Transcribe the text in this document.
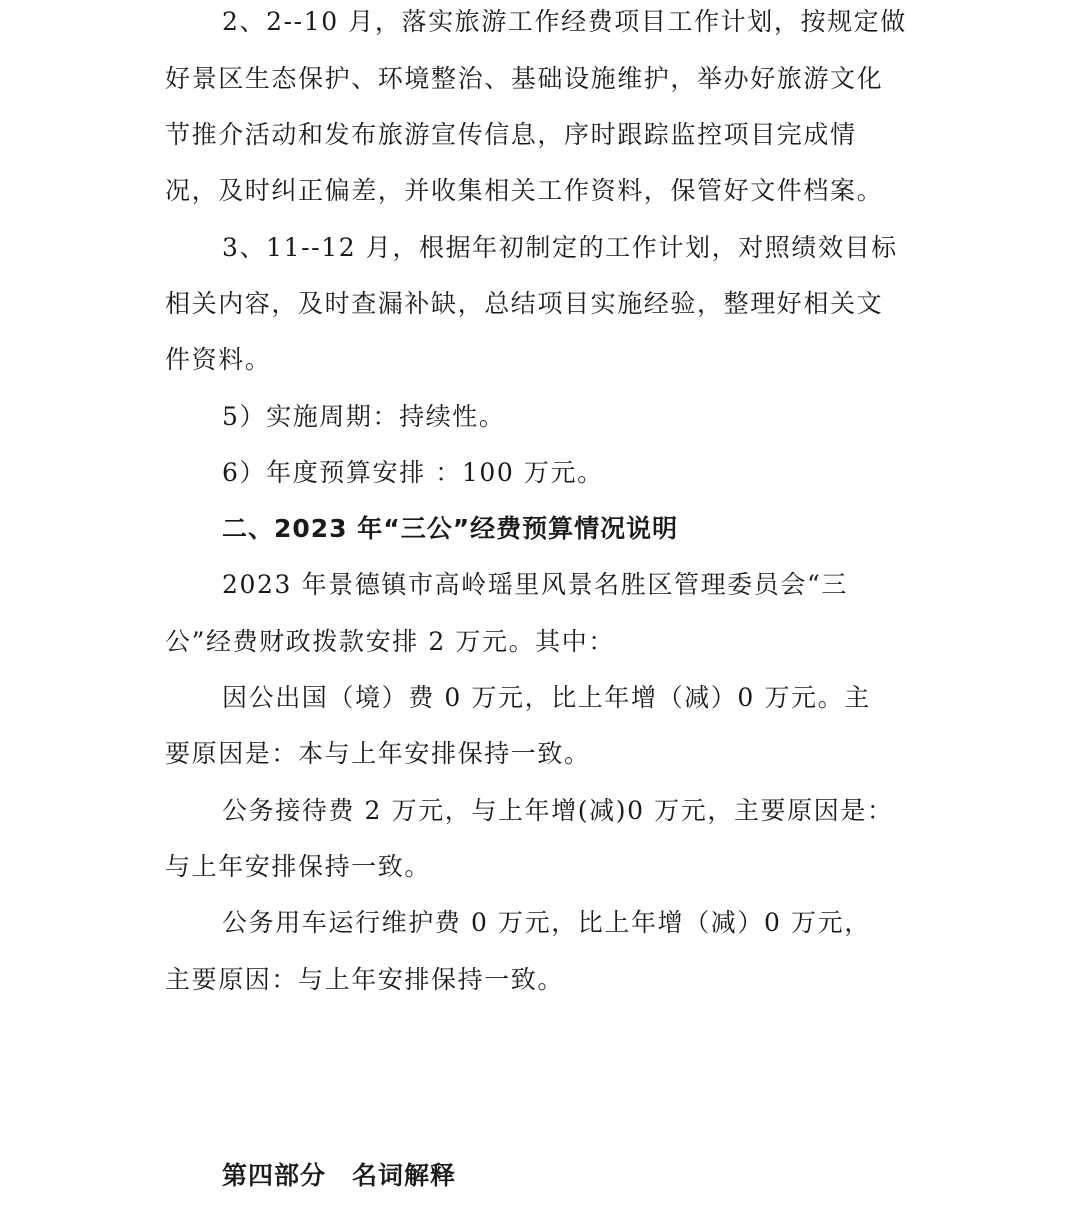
2、2--10 月，落实旅游工作经费项目工作计划，按规定做
好景区生态保护、环境整治、基础设施维护，举办好旅游文化
节推介活动和发布旅游宣传信息，序时跟踪监控项目完成情
况，及时纠正偏差，并收集相关工作资料，保管好文件档案。
3、11--12 月，根据年初制定的工作计划，对照绩效目标
相关内容，及时查漏补缺，总结项目实施经验，整理好相关文
件资料。
5）实施周期：持续性。
6）年度预算安排 ：100 万元。
二、2023 年“三公”经费预算情况说明
2023 年景德镇市高岭瑶里风景名胜区管理委员会“三
公”经费财政拨款安排 2 万元。其中：
因公出国（境）费 0 万元，比上年增（减）0 万元。主
要原因是：本与上年安排保持一致。
公务接待费 2 万元，与上年增(减)0 万元，主要原因是：
与上年安排保持一致。
公务用车运行维护费 0 万元，比上年增（减）0 万元，
主要原因：与上年安排保持一致。
第四部分　名词解释
